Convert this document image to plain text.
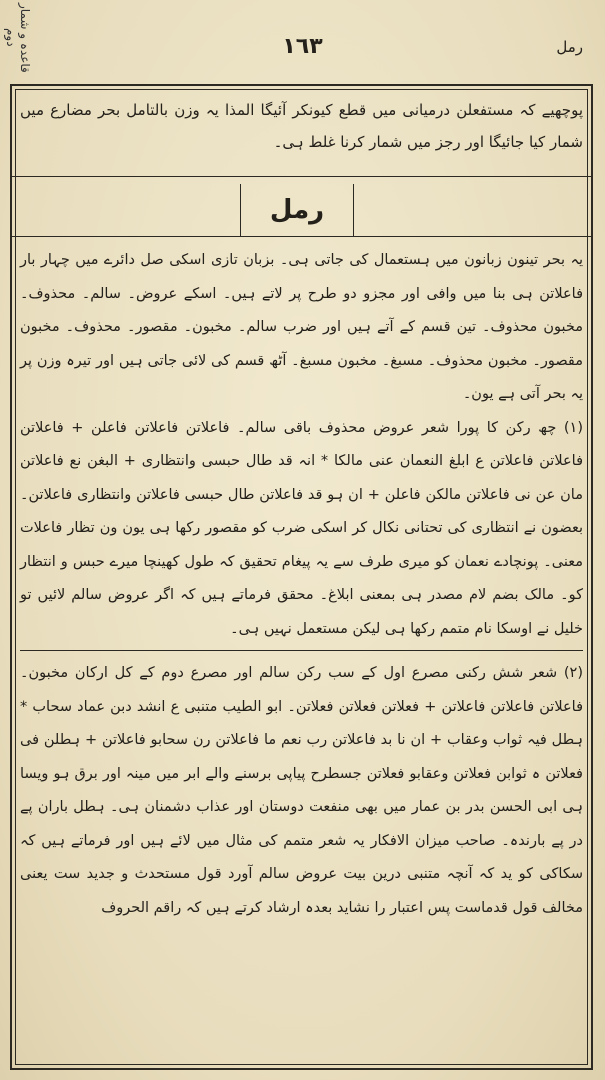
قاعدہ و شمار دوم	١٦٣	رمل
پوچھیے کہ مستفعلن درمیانی میں قطع کیونکر آئیگا المذا یہ وزن بالتامل بحر مضارع میں شمار کیا جائیگا اور رجز میں شمار کرنا غلط ہی۔
رمل

یہ بحر تینون زبانون میں ہستعمال کی جاتی ہی۔ بزبان تازی اسکی صل دائرے میں چہار بار فاعلاتن ہی بنا میں وافی اور مجزو دو طرح پر لاتے ہیں۔ اسکے عروض۔ سالم۔ محذوف۔ مخبون محذوف۔ تین قسم کے آتے ہیں اور ضرب سالم۔ مخبون۔ مقصور۔ محذوف۔ مخبون مقصور۔ مخبون محذوف۔ مسبغ۔ مخبون مسبغ۔ آٹھ قسم کی لائی جاتی ہیں اور تیرہ وزن پر یہ بحر آتی ہے یون۔

(١) چھ رکن کا پورا شعر عروض محذوف باقی سالم۔ فاعلاتن فاعلاتن فاعلن + فاعلاتن فاعلاتن فاعلاتن ع ابلغ النعمان عنی مالکا * انہ قد طال حبسی وانتظاری + البغن نع فاعلاتن مان عن نی فاعلاتن مالکن فاعلن + ان ہو قد فاعلاتن طال حبسی فاعلاتن وانتظاری فاعلاتن۔ بعضون نے انتظاری کی تحتانی نکال کر اسکی ضرب کو مقصور رکھا ہی یون ون تظار فاعلات معنی۔ پونچادے نعمان کو میری طرف سے یہ پیغام تحقیق کہ طول کھینچا میرے حبس و انتظار کو۔ مالک بضم لام مصدر ہی بمعنی ابلاغ۔ محقق فرماتے ہیں کہ اگر عروض سالم لائیں تو خلیل نے اوسکا نام متمم رکھا ہی لیکن مستعمل نہیں ہی۔

(٢) شعر شش رکنی مصرع اول کے سب رکن سالم اور مصرع دوم کے کل ارکان مخبون۔ فاعلاتن فاعلاتن فاعلاتن + فعلاتن فعلاتن فعلاتن۔ ابو الطیب متنبی ع انشد دبن عماد سحاب * ہطل فیہ ثواب وعقاب + ان نا بد فاعلاتن رب نعم ما فاعلاتن رن سحابو فاعلاتن + ہطلن فی فعلاتن ہ ثوابن فعلاتن وعقابو فعلاتن جسطرح پیاپی برسنے والے ابر میں مینہ اور برق ہو ویسا ہی ابی الحسن بدر بن عمار میں بھی منفعت دوستان اور عذاب دشمنان ہی۔ ہطل باران پے در پے بارندہ۔ صاحب میزان الافکار یہ شعر متمم کی مثال میں لائے ہیں اور فرماتے ہیں کہ سکاکی کو ید کہ آنچہ متنبی درین بیت عروض سالم آورد قول مستحدث و جدید ست یعنی مخالف قول قدماست پس اعتبار را نشاید بعدہ ارشاد کرتے ہیں کہ راقم الحروف
